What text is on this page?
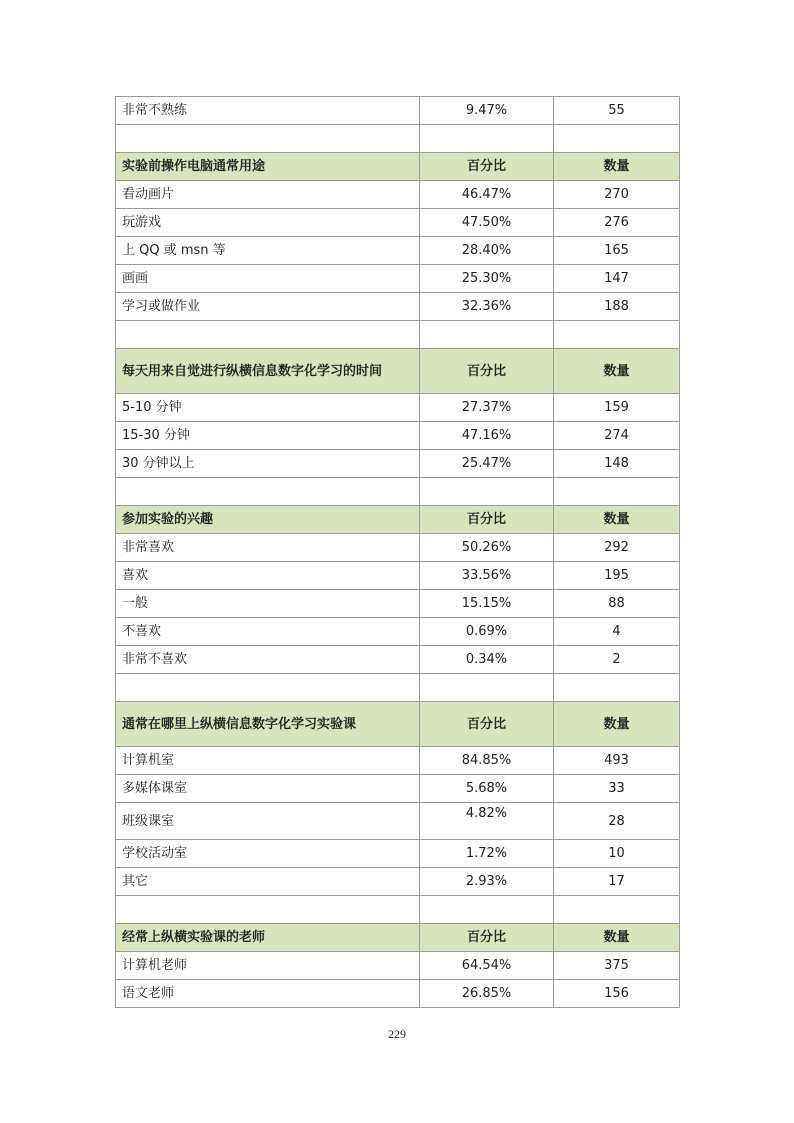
非常不熟练	9.47%	55

实验前操作电脑通常用途	百分比	数量
看动画片	46.47%	270
玩游戏	47.50%	276
上 QQ 或 msn 等	28.40%	165
画画	25.30%	147
学习或做作业	32.36%	188

每天用来自觉进行纵横信息数字化学习的时间	百分比	数量
5-10 分钟	27.37%	159
15-30 分钟	47.16%	274
30 分钟以上	25.47%	148

参加实验的兴趣	百分比	数量
非常喜欢	50.26%	292
喜欢	33.56%	195
一般	15.15%	88
不喜欢	0.69%	4
非常不喜欢	0.34%	2

通常在哪里上纵横信息数字化学习实验课	百分比	数量
计算机室	84.85%	493
多媒体课室	5.68%	33
班级课室	4.82%	28
学校活动室	1.72%	10
其它	2.93%	17

经常上纵横实验课的老师	百分比	数量
计算机老师	64.54%	375
语文老师	26.85%	156
229
